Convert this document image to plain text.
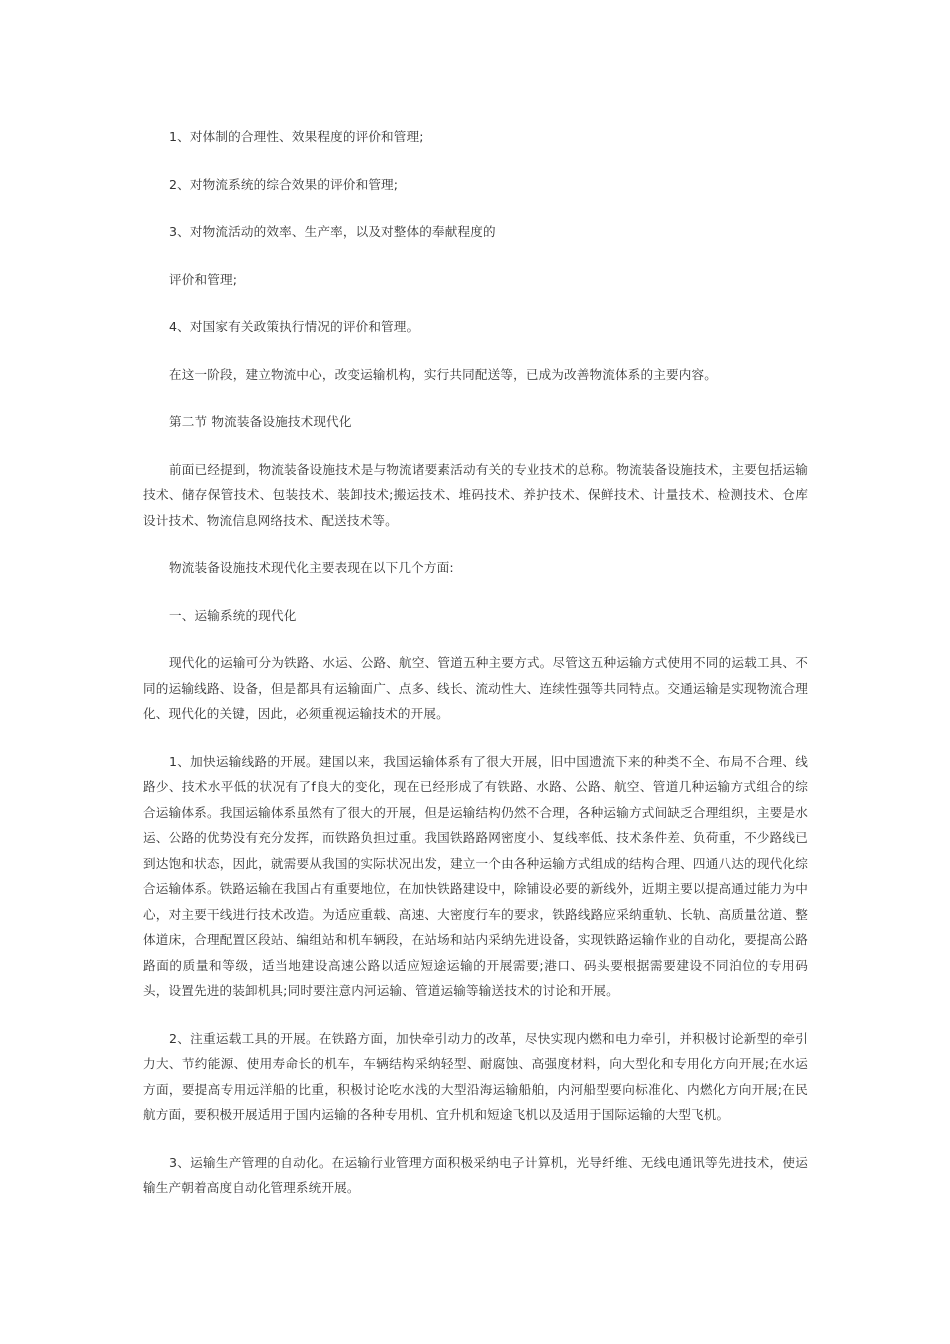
1、对体制的合理性、效果程度的评价和管理;

2、对物流系统的综合效果的评价和管理;

3、对物流活动的效率、生产率，以及对整体的奉献程度的

评价和管理;

4、对国家有关政策执行情况的评价和管理。

在这一阶段，建立物流中心，改变运输机构，实行共同配送等，已成为改善物流体系的主要内容。

第二节 物流装备设施技术现代化

前面已经提到，物流装备设施技术是与物流诸要素活动有关的专业技术的总称。物流装备设施技术，主要包括运输技术、储存保管技术、包装技术、装卸技术;搬运技术、堆码技术、养护技术、保鲜技术、计量技术、检测技术、仓库设计技术、物流信息网络技术、配送技术等。

物流装备设施技术现代化主要表现在以下几个方面:

一、运输系统的现代化

现代化的运输可分为铁路、水运、公路、航空、管道五种主要方式。尽管这五种运输方式使用不同的运载工具、不同的运输线路、设备，但是都具有运输面广、点多、线长、流动性大、连续性强等共同特点。交通运输是实现物流合理化、现代化的关键，因此，必须重视运输技术的开展。

1、加快运输线路的开展。建国以来，我国运输体系有了很大开展，旧中国遗流下来的种类不全、布局不合理、线路少、技术水平低的状况有了f良大的变化，现在已经形成了有铁路、水路、公路、航空、管道几种运输方式组合的综合运输体系。我国运输体系虽然有了很大的开展，但是运输结构仍然不合理，各种运输方式间缺乏合理组织，主要是水运、公路的优势没有充分发挥，而铁路负担过重。我国铁路路网密度小、复线率低、技术条件差、负荷重，不少路线已到达饱和状态，因此，就需要从我国的实际状况出发，建立一个由各种运输方式组成的结构合理、四通八达的现代化综合运输体系。铁路运输在我国占有重要地位，在加快铁路建设中，除铺设必要的新线外，近期主要以提高通过能力为中心，对主要干线进行技术改造。为适应重载、高速、大密度行车的要求，铁路线路应采纳重轨、长轨、高质量岔道、整体道床，合理配置区段站、编组站和机车辆段，在站场和站内采纳先进设备，实现铁路运输作业的自动化，要提高公路路面的质量和等级，适当地建设高速公路以适应短途运输的开展需要;港口、码头要根据需要建设不同泊位的专用码头，设置先进的装卸机具;同时要注意内河运输、管道运输等输送技术的讨论和开展。

2、注重运载工具的开展。在铁路方面，加快牵引动力的改革，尽快实现内燃和电力牵引，并积极讨论新型的牵引力大、节约能源、使用寿命长的机车，车辆结构采纳轻型、耐腐蚀、高强度材料，向大型化和专用化方向开展;在水运方面，要提高专用远洋船的比重，积极讨论吃水浅的大型沿海运输船舶，内河船型要向标准化、内燃化方向开展;在民航方面，要积极开展适用于国内运输的各种专用机、宜升机和短途飞机以及适用于国际运输的大型飞机。

3、运输生产管理的自动化。在运输行业管理方面积极采纳电子计算机，光导纤维、无线电通讯等先进技术，使运输生产朝着高度自动化管理系统开展。
